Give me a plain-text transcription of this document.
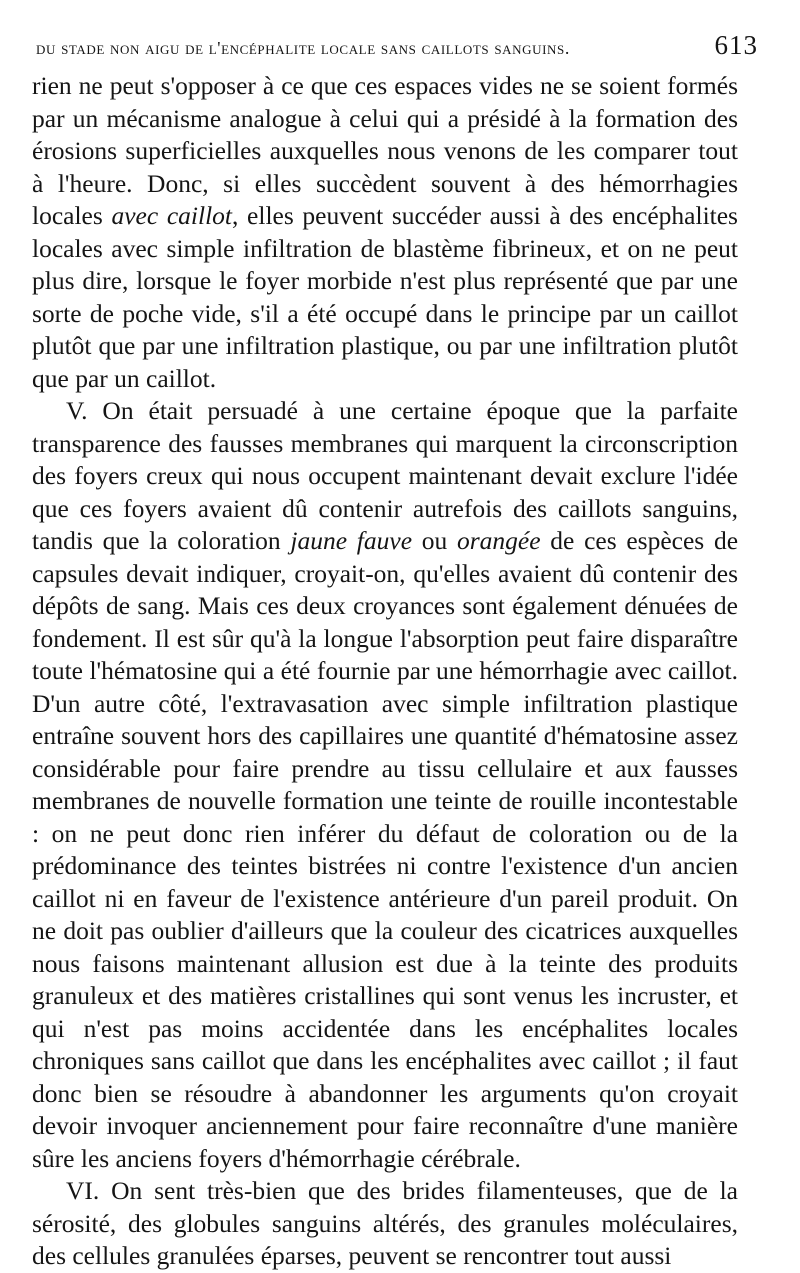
du stade non aigu de l'encéphalite locale sans caillots sanguins.	613

rien ne peut s'opposer à ce que ces espaces vides ne se soient formés par un mécanisme analogue à celui qui a présidé à la formation des érosions superficielles auxquelles nous venons de les comparer tout à l'heure. Donc, si elles succèdent souvent à des hémorrhagies locales avec caillot, elles peuvent succéder aussi à des encéphalites locales avec simple infiltration de blastème fibrineux, et on ne peut plus dire, lorsque le foyer morbide n'est plus représenté que par une sorte de poche vide, s'il a été occupé dans le principe par un caillot plutôt que par une infiltration plastique, ou par une infiltration plutôt que par un caillot.

V. On était persuadé à une certaine époque que la parfaite transparence des fausses membranes qui marquent la circonscription des foyers creux qui nous occupent maintenant devait exclure l'idée que ces foyers avaient dû contenir autrefois des caillots sanguins, tandis que la coloration jaune fauve ou orangée de ces espèces de capsules devait indiquer, croyait-on, qu'elles avaient dû contenir des dépôts de sang. Mais ces deux croyances sont également dénuées de fondement. Il est sûr qu'à la longue l'absorption peut faire disparaître toute l'hématosine qui a été fournie par une hémorrhagie avec caillot. D'un autre côté, l'extravasation avec simple infiltration plastique entraîne souvent hors des capillaires une quantité d'hématosine assez considérable pour faire prendre au tissu cellulaire et aux fausses membranes de nouvelle formation une teinte de rouille incontestable : on ne peut donc rien inférer du défaut de coloration ou de la prédominance des teintes bistrées ni contre l'existence d'un ancien caillot ni en faveur de l'existence antérieure d'un pareil produit. On ne doit pas oublier d'ailleurs que la couleur des cicatrices auxquelles nous faisons maintenant allusion est due à la teinte des produits granuleux et des matières cristallines qui sont venus les incruster, et qui n'est pas moins accidentée dans les encéphalites locales chroniques sans caillot que dans les encéphalites avec caillot ; il faut donc bien se résoudre à abandonner les arguments qu'on croyait devoir invoquer anciennement pour faire reconnaître d'une manière sûre les anciens foyers d'hémorrhagie cérébrale.

VI. On sent très-bien que des brides filamenteuses, que de la sérosité, des globules sanguins altérés, des granules moléculaires, des cellules granulées éparses, peuvent se rencontrer tout aussi
